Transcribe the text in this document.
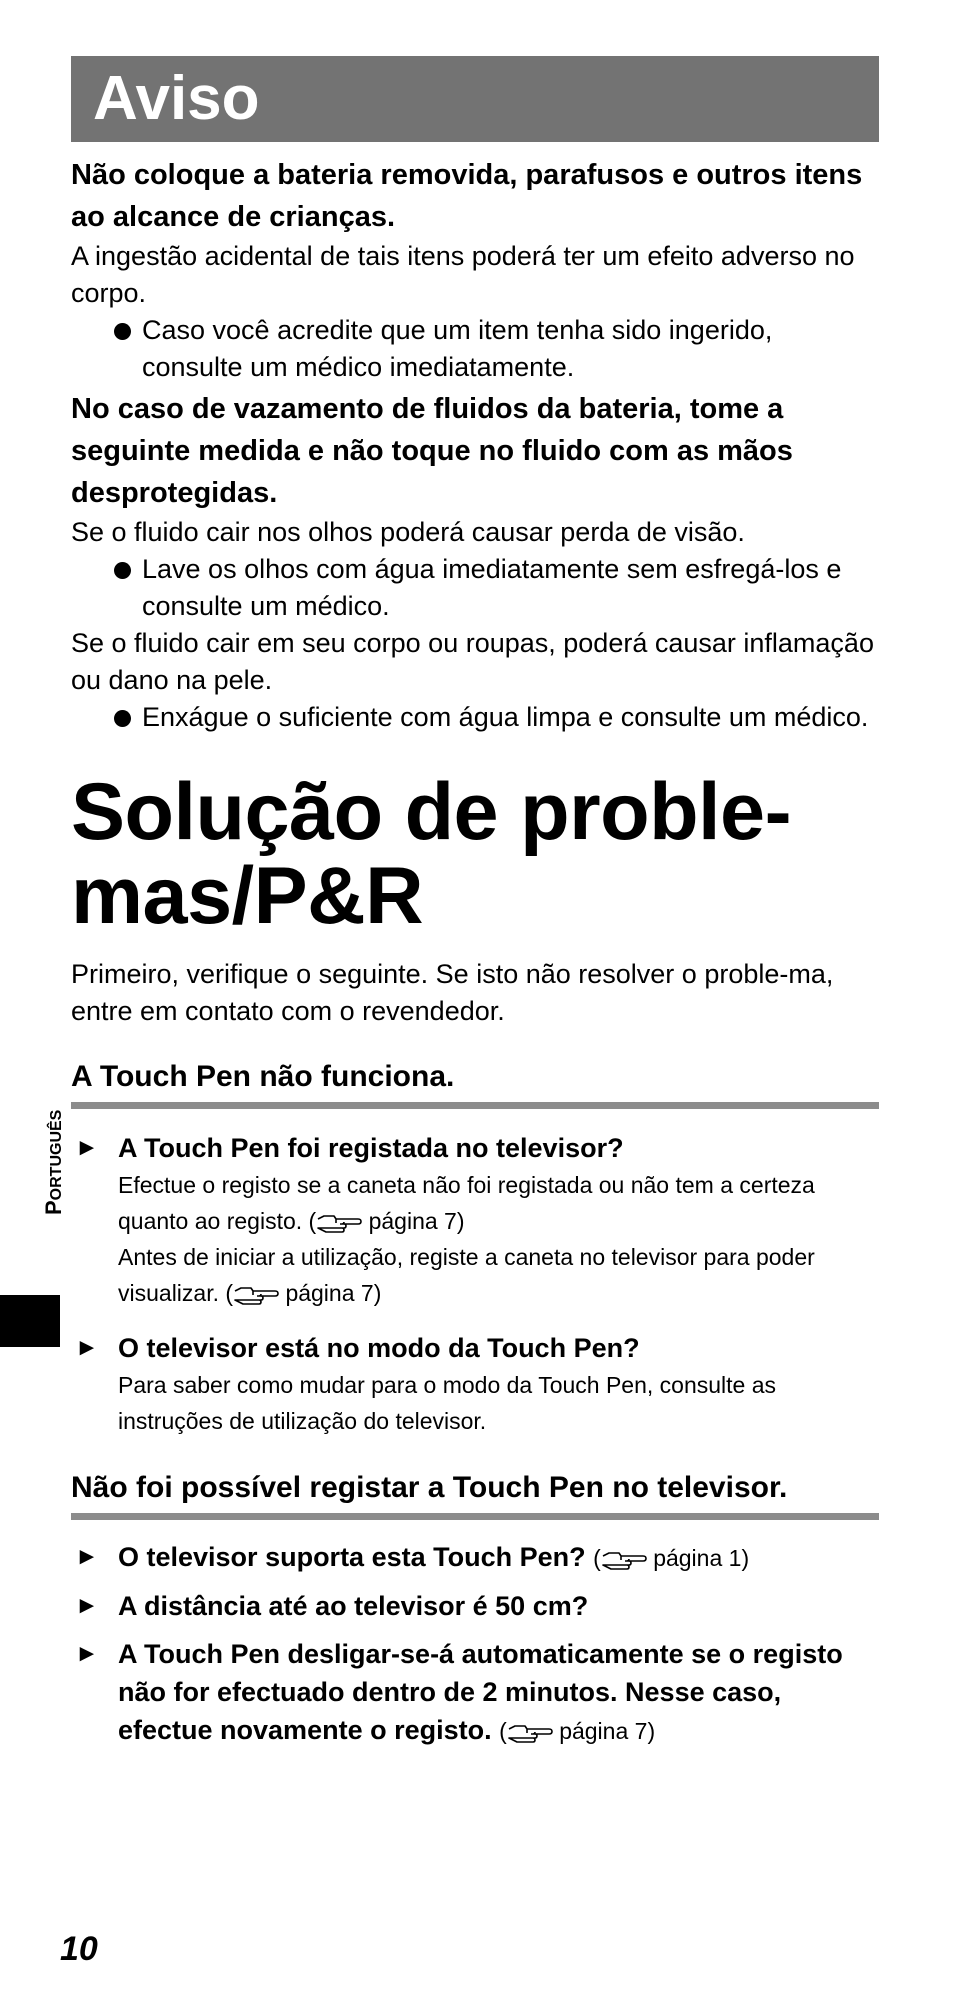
Aviso

Não coloque a bateria removida, parafusos e outros itens ao alcance de crianças.

A ingestão acidental de tais itens poderá ter um efeito adverso no corpo.

Caso você acredite que um item tenha sido ingerido, consulte um médico imediatamente.

No caso de vazamento de fluidos da bateria, tome a seguinte medida e não toque no fluido com as mãos desprotegidas.

Se o fluido cair nos olhos poderá causar perda de visão.

Lave os olhos com água imediatamente sem esfregá-los e consulte um médico.

Se o fluido cair em seu corpo ou roupas, poderá causar inflamação ou dano na pele.

Enxágue o suficiente com água limpa e consulte um médico.

Solução de proble-
mas/P&R

Primeiro, verifique o seguinte. Se isto não resolver o proble-ma, entre em contato com o revendedor.

A Touch Pen não funciona.
► A Touch Pen foi registada no televisor?

Efectue o registo se a caneta não foi registada ou não tem a certeza quanto ao registo. ( página 7)

Antes de iniciar a utilização, registe a caneta no televisor para poder visualizar. ( página 7)

► O televisor está no modo da Touch Pen?

Para saber como mudar para o modo da Touch Pen, consulte as instruções de utilização do televisor.

Não foi possível registar a Touch Pen no televisor.
► O televisor suporta esta Touch Pen? ( página 1)

► A distância até ao televisor é 50 cm?

► A Touch Pen desligar-se-á automaticamente se o registo não for efectuado dentro de 2 minutos. Nesse caso, efectue novamente o registo. ( página 7)

PORTUGUÊS
10
